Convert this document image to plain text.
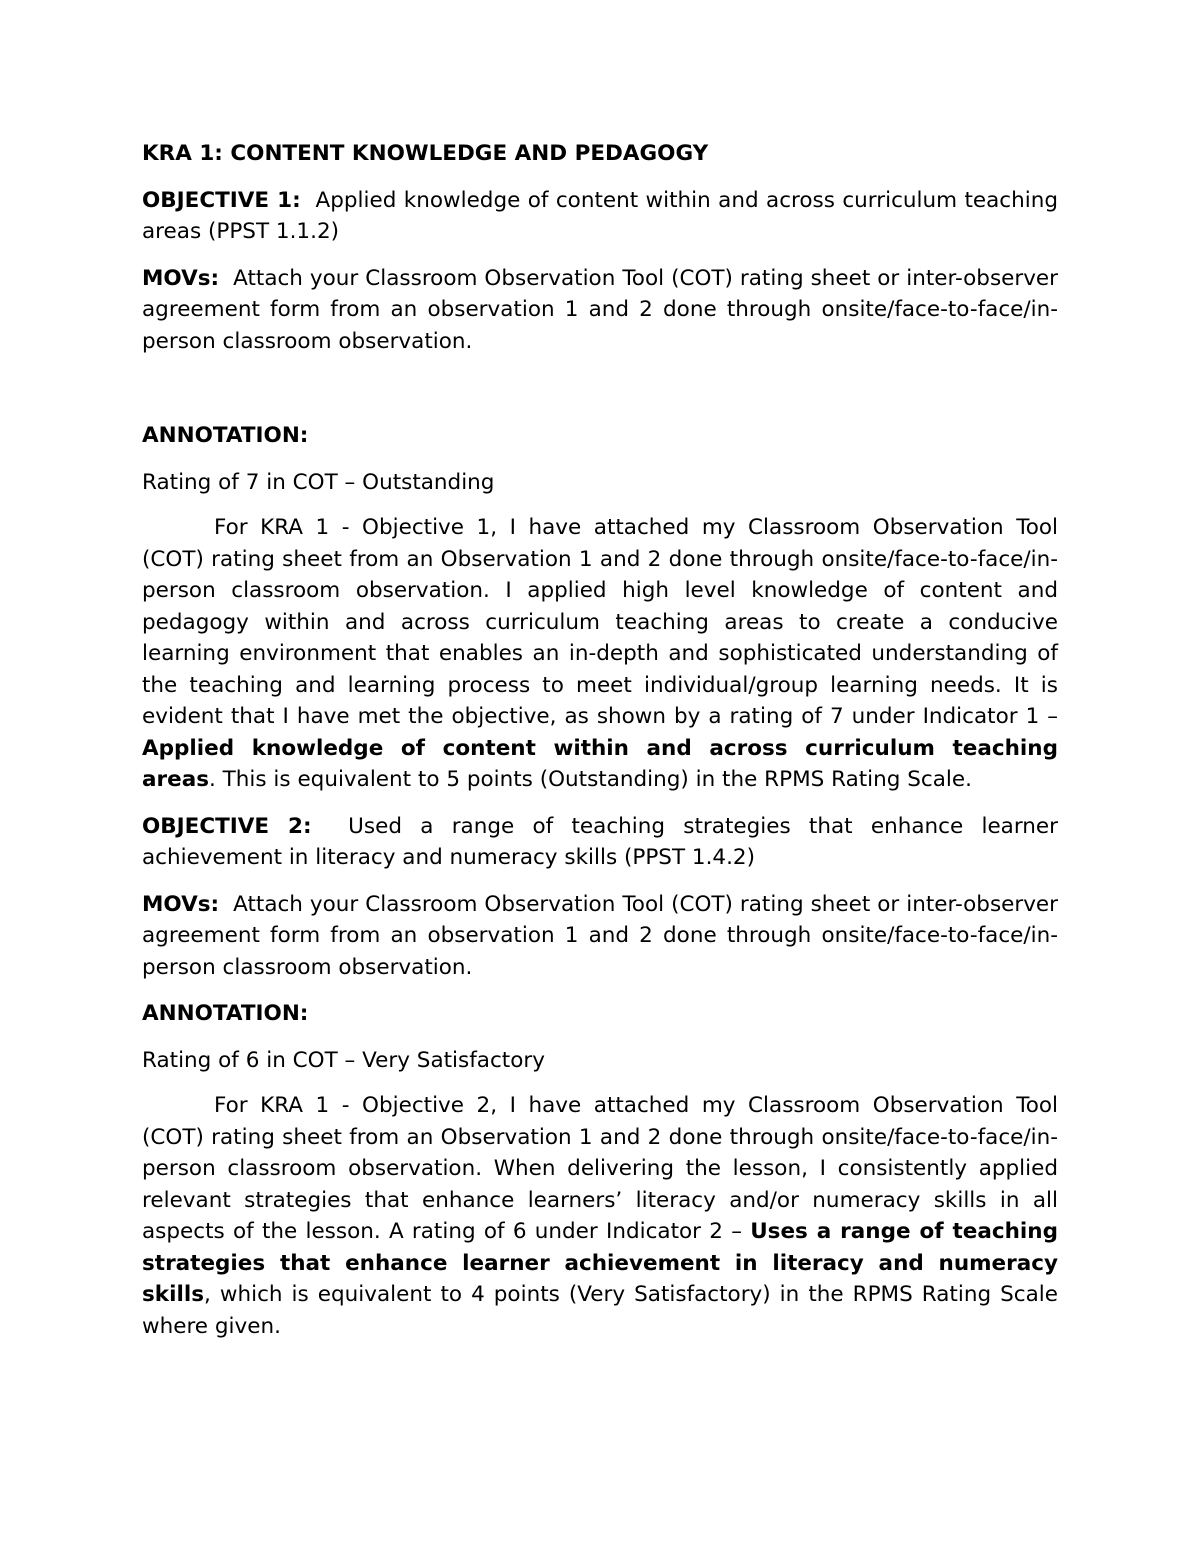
KRA 1: CONTENT KNOWLEDGE AND PEDAGOGY

OBJECTIVE 1: Applied knowledge of content within and across curriculum teaching areas (PPST 1.1.2)

MOVs: Attach your Classroom Observation Tool (COT) rating sheet or inter-observer agreement form from an observation 1 and 2 done through onsite/face-to-face/in-person classroom observation.

ANNOTATION:

Rating of 7 in COT – Outstanding

For KRA 1 - Objective 1, I have attached my Classroom Observation Tool (COT) rating sheet from an Observation 1 and 2 done through onsite/face-to-face/in-person classroom observation. I applied high level knowledge of content and pedagogy within and across curriculum teaching areas to create a conducive learning environment that enables an in-depth and sophisticated understanding of the teaching and learning process to meet individual/group learning needs. It is evident that I have met the objective, as shown by a rating of 7 under Indicator 1 – Applied knowledge of content within and across curriculum teaching areas. This is equivalent to 5 points (Outstanding) in the RPMS Rating Scale.

OBJECTIVE 2: Used a range of teaching strategies that enhance learner achievement in literacy and numeracy skills (PPST 1.4.2)

MOVs: Attach your Classroom Observation Tool (COT) rating sheet or inter-observer agreement form from an observation 1 and 2 done through onsite/face-to-face/in-person classroom observation.

ANNOTATION:

Rating of 6 in COT – Very Satisfactory

For KRA 1 - Objective 2, I have attached my Classroom Observation Tool (COT) rating sheet from an Observation 1 and 2 done through onsite/face-to-face/in-person classroom observation. When delivering the lesson, I consistently applied relevant strategies that enhance learners’ literacy and/or numeracy skills in all aspects of the lesson. A rating of 6 under Indicator 2 – Uses a range of teaching strategies that enhance learner achievement in literacy and numeracy skills, which is equivalent to 4 points (Very Satisfactory) in the RPMS Rating Scale where given.
